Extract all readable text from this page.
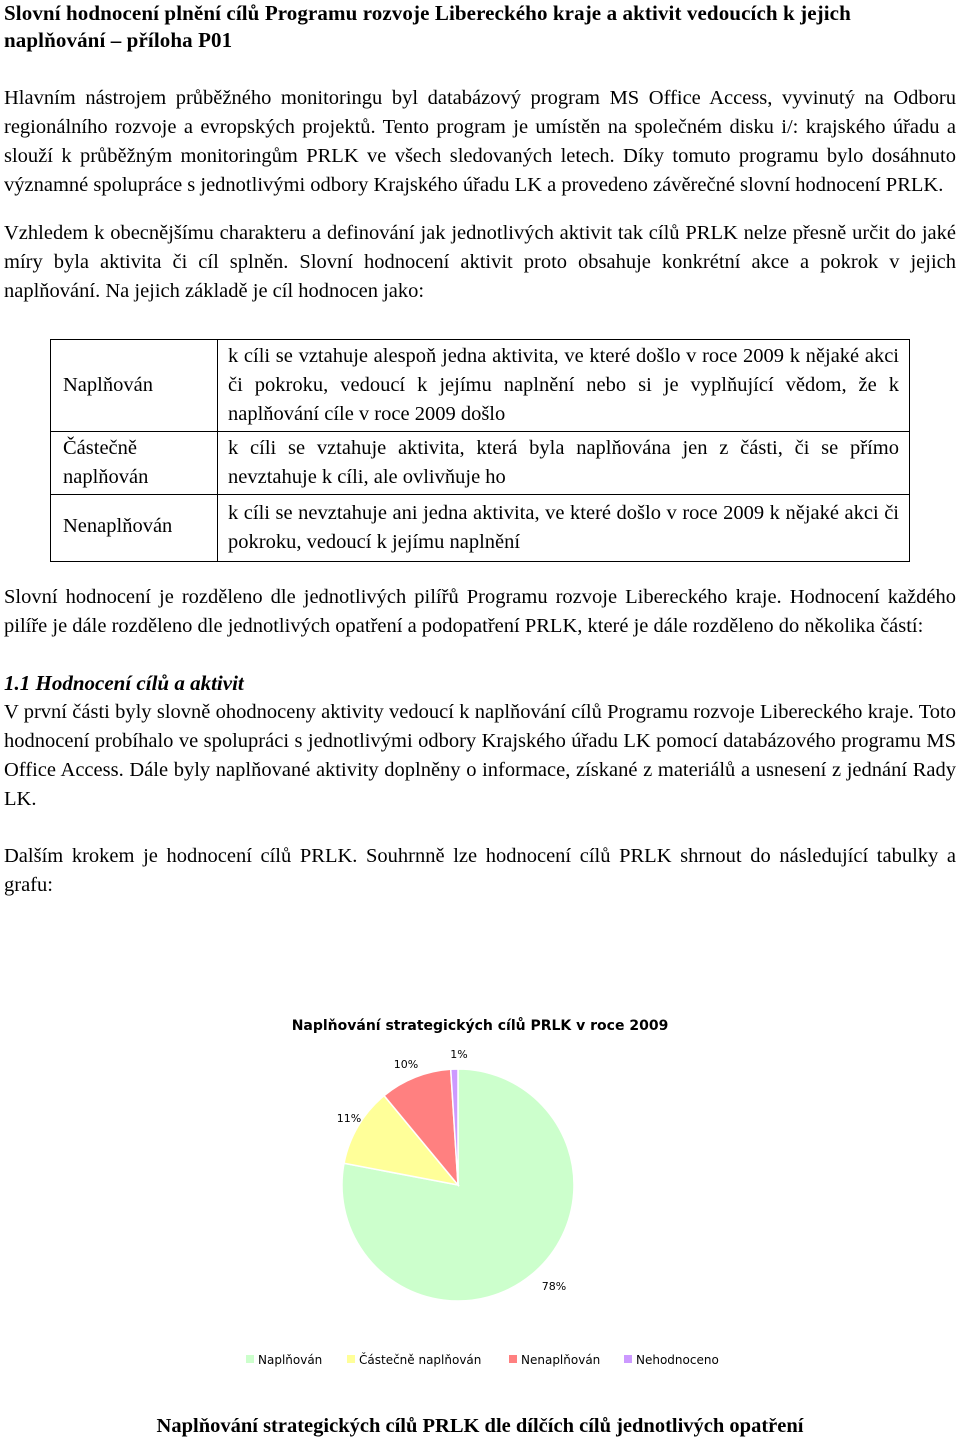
Slovní hodnocení plnění cílů Programu rozvoje Libereckého kraje a aktivit vedoucích k jejich naplňování – příloha P01

Hlavním nástrojem průběžného monitoringu byl databázový program MS Office Access, vyvinutý na Odboru regionálního rozvoje a evropských projektů. Tento program je umístěn na společném disku i/: krajského úřadu a slouží k průběžným monitoringům PRLK ve všech sledovaných letech. Díky tomuto programu bylo dosáhnuto významné spolupráce s jednotlivými odbory Krajského úřadu LK a provedeno závěrečné slovní hodnocení PRLK.

Vzhledem k obecnějšímu charakteru a definování jak jednotlivých aktivit tak cílů PRLK nelze přesně určit do jaké míry byla aktivita či cíl splněn. Slovní hodnocení aktivit proto obsahuje konkrétní akce a pokrok v jejich naplňování. Na jejich základě je cíl hodnocen jako:

Naplňován	k cíli se vztahuje alespoň jedna aktivita, ve které došlo v roce 2009 k nějaké akci či pokroku, vedoucí k jejímu naplnění nebo si je vyplňující vědom, že k naplňování cíle v roce 2009 došlo
Částečně naplňován	k cíli se vztahuje aktivita, která byla naplňována jen z části, či se přímo nevztahuje k cíli, ale ovlivňuje ho
Nenaplňován	k cíli se nevztahuje ani jedna aktivita, ve které došlo v roce 2009 k nějaké akci či pokroku, vedoucí k jejímu naplnění

Slovní hodnocení je rozděleno dle jednotlivých pilířů Programu rozvoje Libereckého kraje. Hodnocení každého pilíře je dále rozděleno dle jednotlivých opatření a podopatření PRLK, které je dále rozděleno do několika částí:

1.1 Hodnocení cílů a aktivit

V první části byly slovně ohodnoceny aktivity vedoucí k naplňování cílů Programu rozvoje Libereckého kraje. Toto hodnocení probíhalo ve spolupráci s jednotlivými odbory Krajského úřadu LK pomocí databázového programu MS Office Access. Dále byly naplňované aktivity doplněny o informace, získané z materiálů a usnesení z jednání Rady LK.

Dalším krokem je hodnocení cílů PRLK. Souhrnně lze hodnocení cílů PRLK shrnout do následující tabulky a grafu:

Naplňování strategických cílů PRLK v roce 2009
78%
11%
10%
1%
Naplňován	Částečně naplňován	Nenaplňován	Nehodnoceno
Naplňování strategických cílů PRLK dle dílčích cílů jednotlivých opatření
